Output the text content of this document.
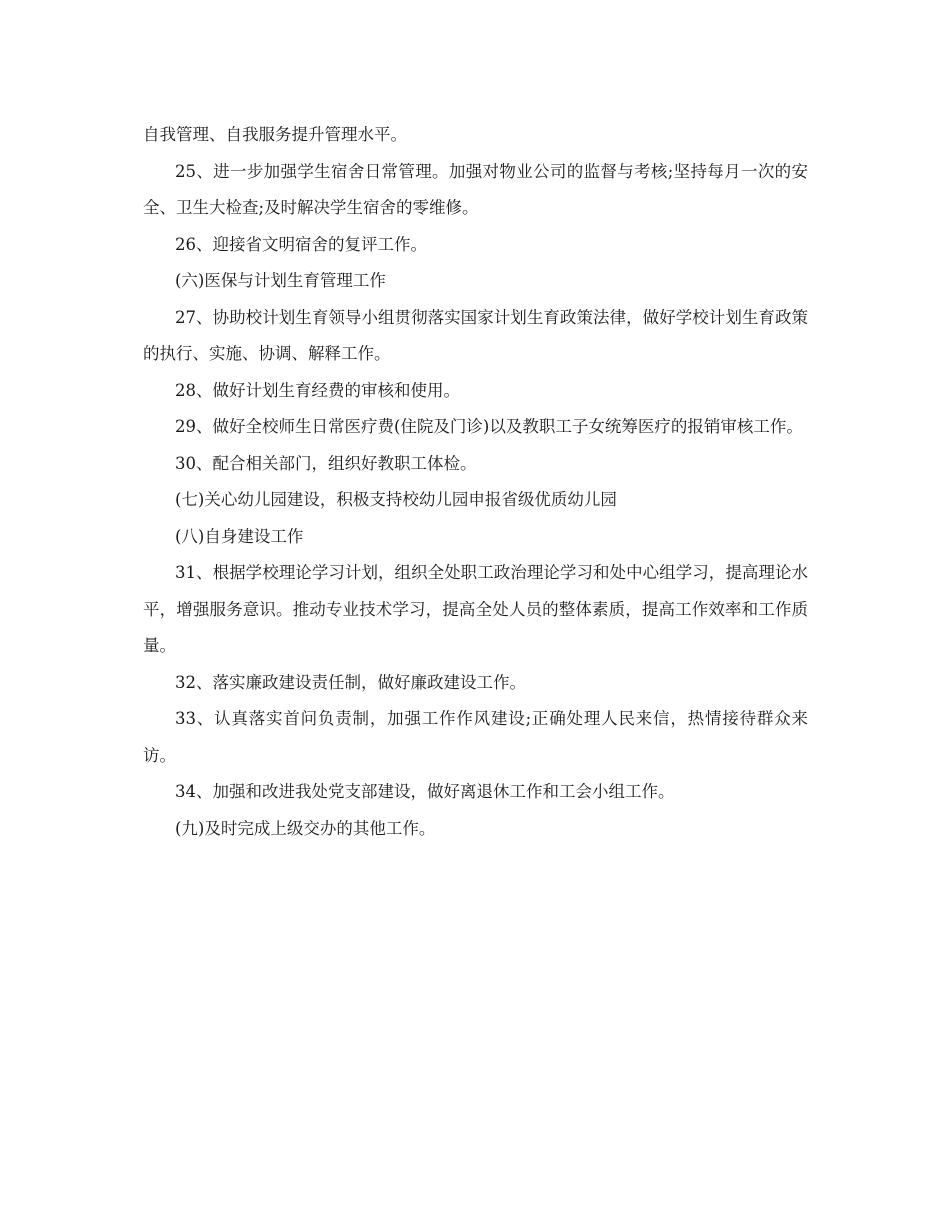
自我管理、自我服务提升管理水平。

25、进一步加强学生宿舍日常管理。加强对物业公司的监督与考核;坚持每月一次的安全、卫生大检查;及时解决学生宿舍的零维修。

26、迎接省文明宿舍的复评工作。

(六)医保与计划生育管理工作

27、协助校计划生育领导小组贯彻落实国家计划生育政策法律，做好学校计划生育政策的执行、实施、协调、解释工作。

28、做好计划生育经费的审核和使用。

29、做好全校师生日常医疗费(住院及门诊)以及教职工子女统筹医疗的报销审核工作。

30、配合相关部门，组织好教职工体检。

(七)关心幼儿园建设，积极支持校幼儿园申报省级优质幼儿园

(八)自身建设工作

31、根据学校理论学习计划，组织全处职工政治理论学习和处中心组学习，提高理论水平，增强服务意识。推动专业技术学习，提高全处人员的整体素质，提高工作效率和工作质量。

32、落实廉政建设责任制，做好廉政建设工作。

33、认真落实首问负责制，加强工作作风建设;正确处理人民来信，热情接待群众来访。

34、加强和改进我处党支部建设，做好离退休工作和工会小组工作。

(九)及时完成上级交办的其他工作。
